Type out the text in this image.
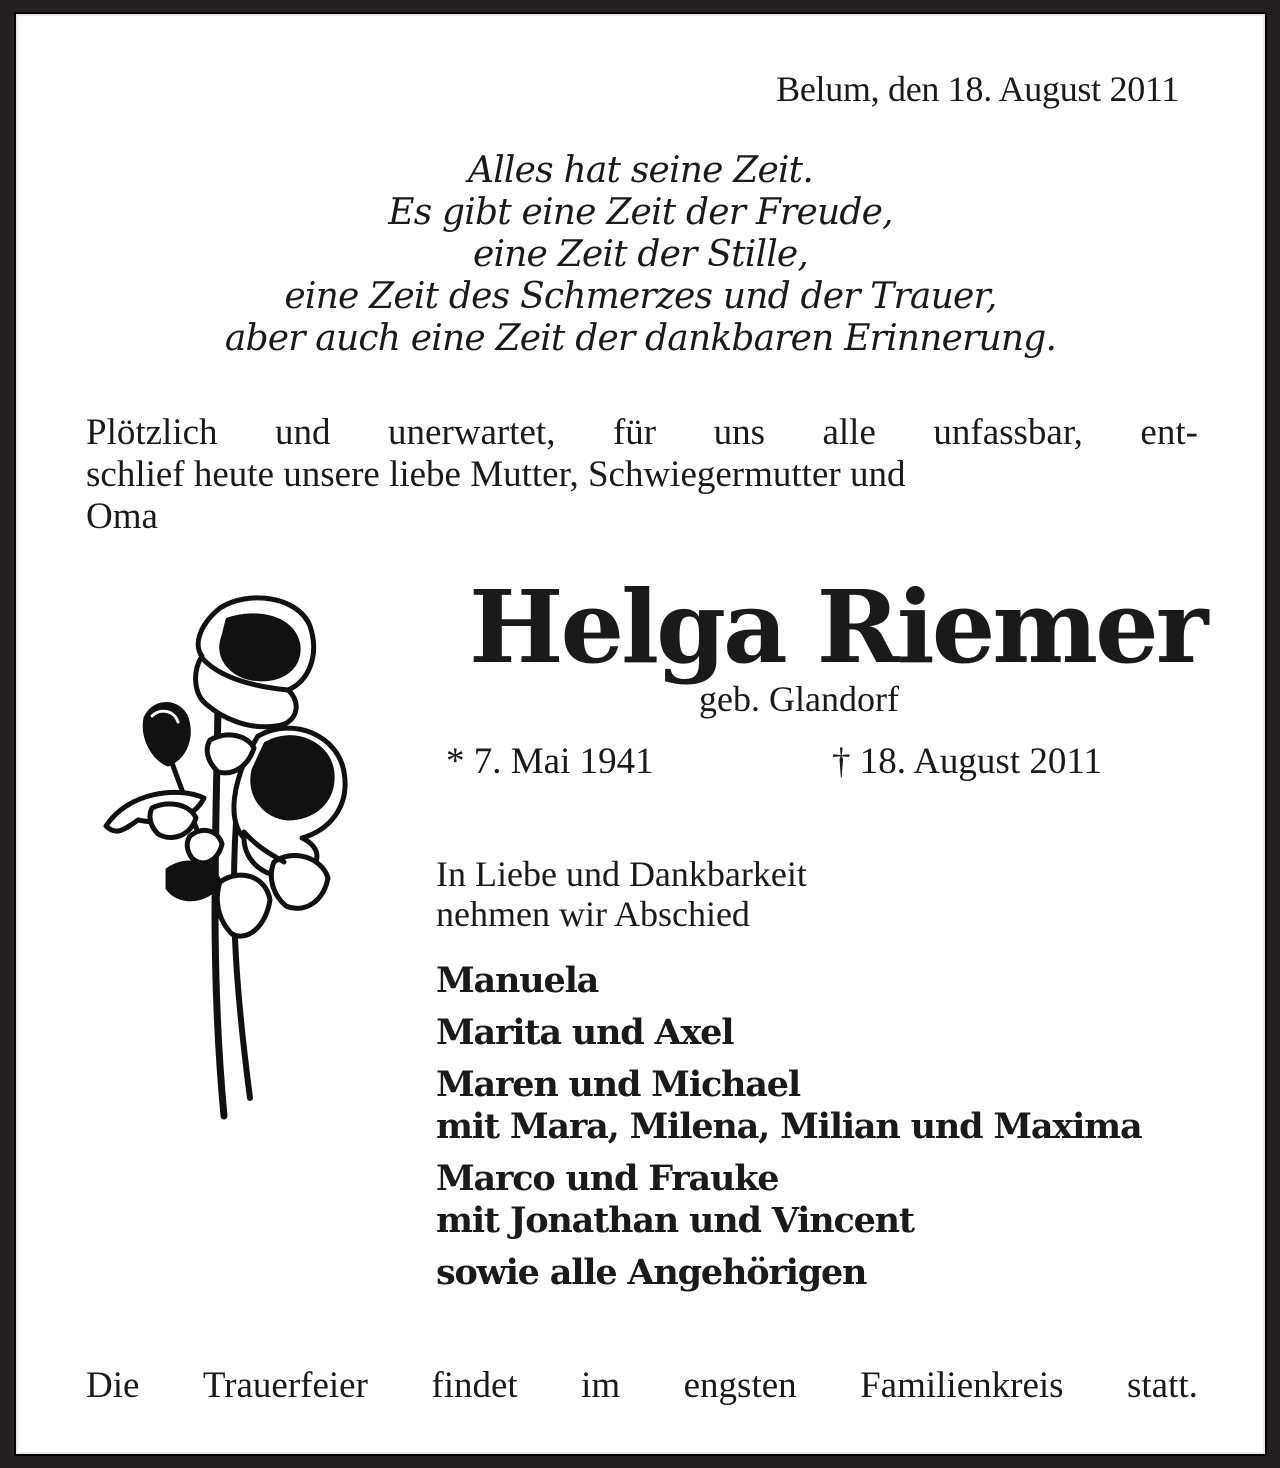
Belum, den 18. August 2011
Alles hat seine Zeit.
Es gibt eine Zeit der Freude,
eine Zeit der Stille,
eine Zeit des Schmerzes und der Trauer,
aber auch eine Zeit der dankbaren Erinnerung.
Plötzlich und unerwartet, für uns alle unfassbar, ent-
schlief heute unsere liebe Mutter, Schwiegermutter und
Oma
Helga Riemer
geb. Glandorf
* 7. Mai 1941	† 18. August 2011
In Liebe und Dankbarkeit
nehmen wir Abschied
Manuela
Marita und Axel
Maren und Michael
mit Mara, Milena, Milian und Maxima
Marco und Frauke
mit Jonathan und Vincent
sowie alle Angehörigen
Die Trauerfeier findet im engsten Familienkreis statt.
